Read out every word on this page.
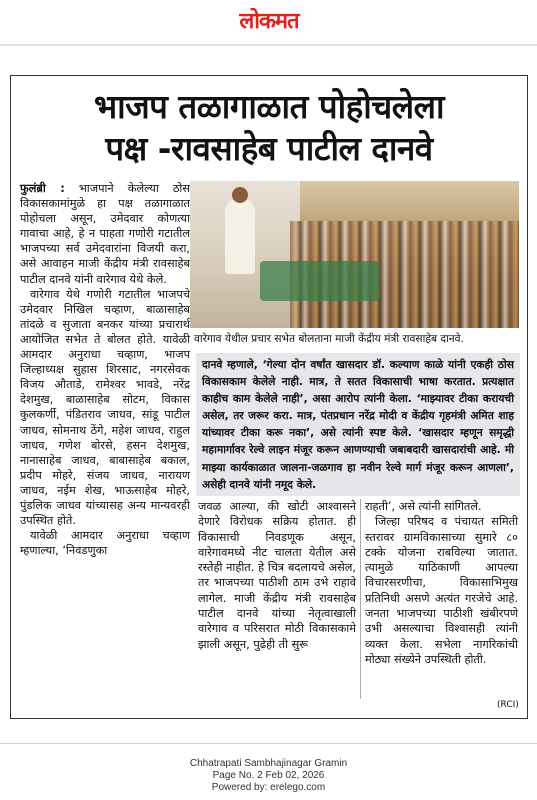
लोकमत
भाजप तळागाळात पोहोचलेला
पक्ष -रावसाहेब पाटील दानवे

फुलंब्री : भाजपाने केलेल्या ठोस विकासकामांमुळे हा पक्ष तळागाळात पोहोचला असून, उमेदवार कोणत्या गावाचा आहे, हे न पाहता गणोरी गटातील भाजपच्या सर्व उमेदवारांना विजयी करा, असे आवाहन माजी केंद्रीय मंत्री रावसाहेब पाटील दानवे यांनी वारेगाव येथे केले.

वारेगाव येथे गणोरी गटातील भाजपचे उमेदवार निखिल चव्हाण, बाळासाहेब तांदळे व सुजाता बनकर यांच्या प्रचारार्थ आयोजित सभेत ते बोलत होते. यावेळी आमदार अनुराधा चव्हाण, भाजप जिल्हाध्यक्ष सुहास शिरसाट, नगरसेवक विजय औताडे, रामेश्वर भावडे, नरेंद्र देशमुख, बाळासाहेब सोटम, विकास कुलकर्णी, पंडितराव जाधव, सांडू पाटील जाधव, सोमनाथ ठेंगे, महेश जाधव, राहुल जाधव, गणेश बोरसे, हसन देशमुख, नानासाहेब जाधव, बाबासाहेब बकाल, प्रदीप मोहरे, संजय जाधव, नारायण जाधव, नईम शेख, भाऊसाहेब मोहरे, पुंडलिक जाधव यांच्यासह अन्य मान्यवरही उपस्थित होते.

यावेळी आमदार अनुराधा चव्हाण म्हणाल्या, ‘निवडणुका

वारेगाव येथील प्रचार सभेत बोलताना माजी केंद्रीय मंत्री रावसाहेब दानवे.
दानवे म्हणाले, ‘गेल्या दोन वर्षांत खासदार डॉ. कल्याण काळे यांनी एकही ठोस विकासकाम केलेले नाही. मात्र, ते सतत विकासाची भाषा करतात. प्रत्यक्षात काहीच काम केलेले नाही’, असा आरोप त्यांनी केला. ‘माझ्यावर टीका करायची असेल, तर जरूर करा. मात्र, पंतप्रधान नरेंद्र मोदी व केंद्रीय गृहमंत्री अमित शाह यांच्यावर टीका करू नका’, असे त्यांनी स्पष्ट केले. ‘खासदार म्हणून समृद्धी महामार्गावर रेल्वे लाइन मंजूर करून आणण्याची जबाबदारी खासदारांची आहे. मी माझ्या कार्यकाळात जालना-जळगाव हा नवीन रेल्वे मार्ग मंजूर करून आणला’, असेही दानवे यांनी नमूद केले.
जवळ आल्या, की खोटी आश्वासने देणारे विरोधक सक्रिय होतात. ही विकासाची निवडणूक असून, वारेगावमध्ये नीट चालता येतील असे रस्तेही नाहीत. हे चित्र बदलायचे असेल, तर भाजपच्या पाठीशी ठाम उभे राहावे लागेल. माजी केंद्रीय मंत्री रावसाहेब पाटील दानवे यांच्या नेतृत्वाखाली वारेगाव व परिसरात मोठी विकासकामे झाली असून, पुढेही ती सुरू

राहती’, असे त्यांनी सांगितले.

जिल्हा परिषद व पंचायत समिती स्तरावर ग्रामविकासाच्या सुमारे ८० टक्के योजना राबविल्या जातात. त्यामुळे याठिकाणी आपल्या विचारसरणीचा, विकासाभिमुख प्रतिनिधी असणे अत्यंत गरजेचे आहे. जनता भाजपच्या पाठीशी खंबीरपणे उभी असल्याचा विश्वासही त्यांनी व्यक्त केला. सभेला नागरिकांची मोठ्या संख्येने उपस्थिती होती.

(RCI)
Chhatrapati Sambhajinagar Gramin
Page No. 2 Feb 02, 2026
Powered by: erelego.com
